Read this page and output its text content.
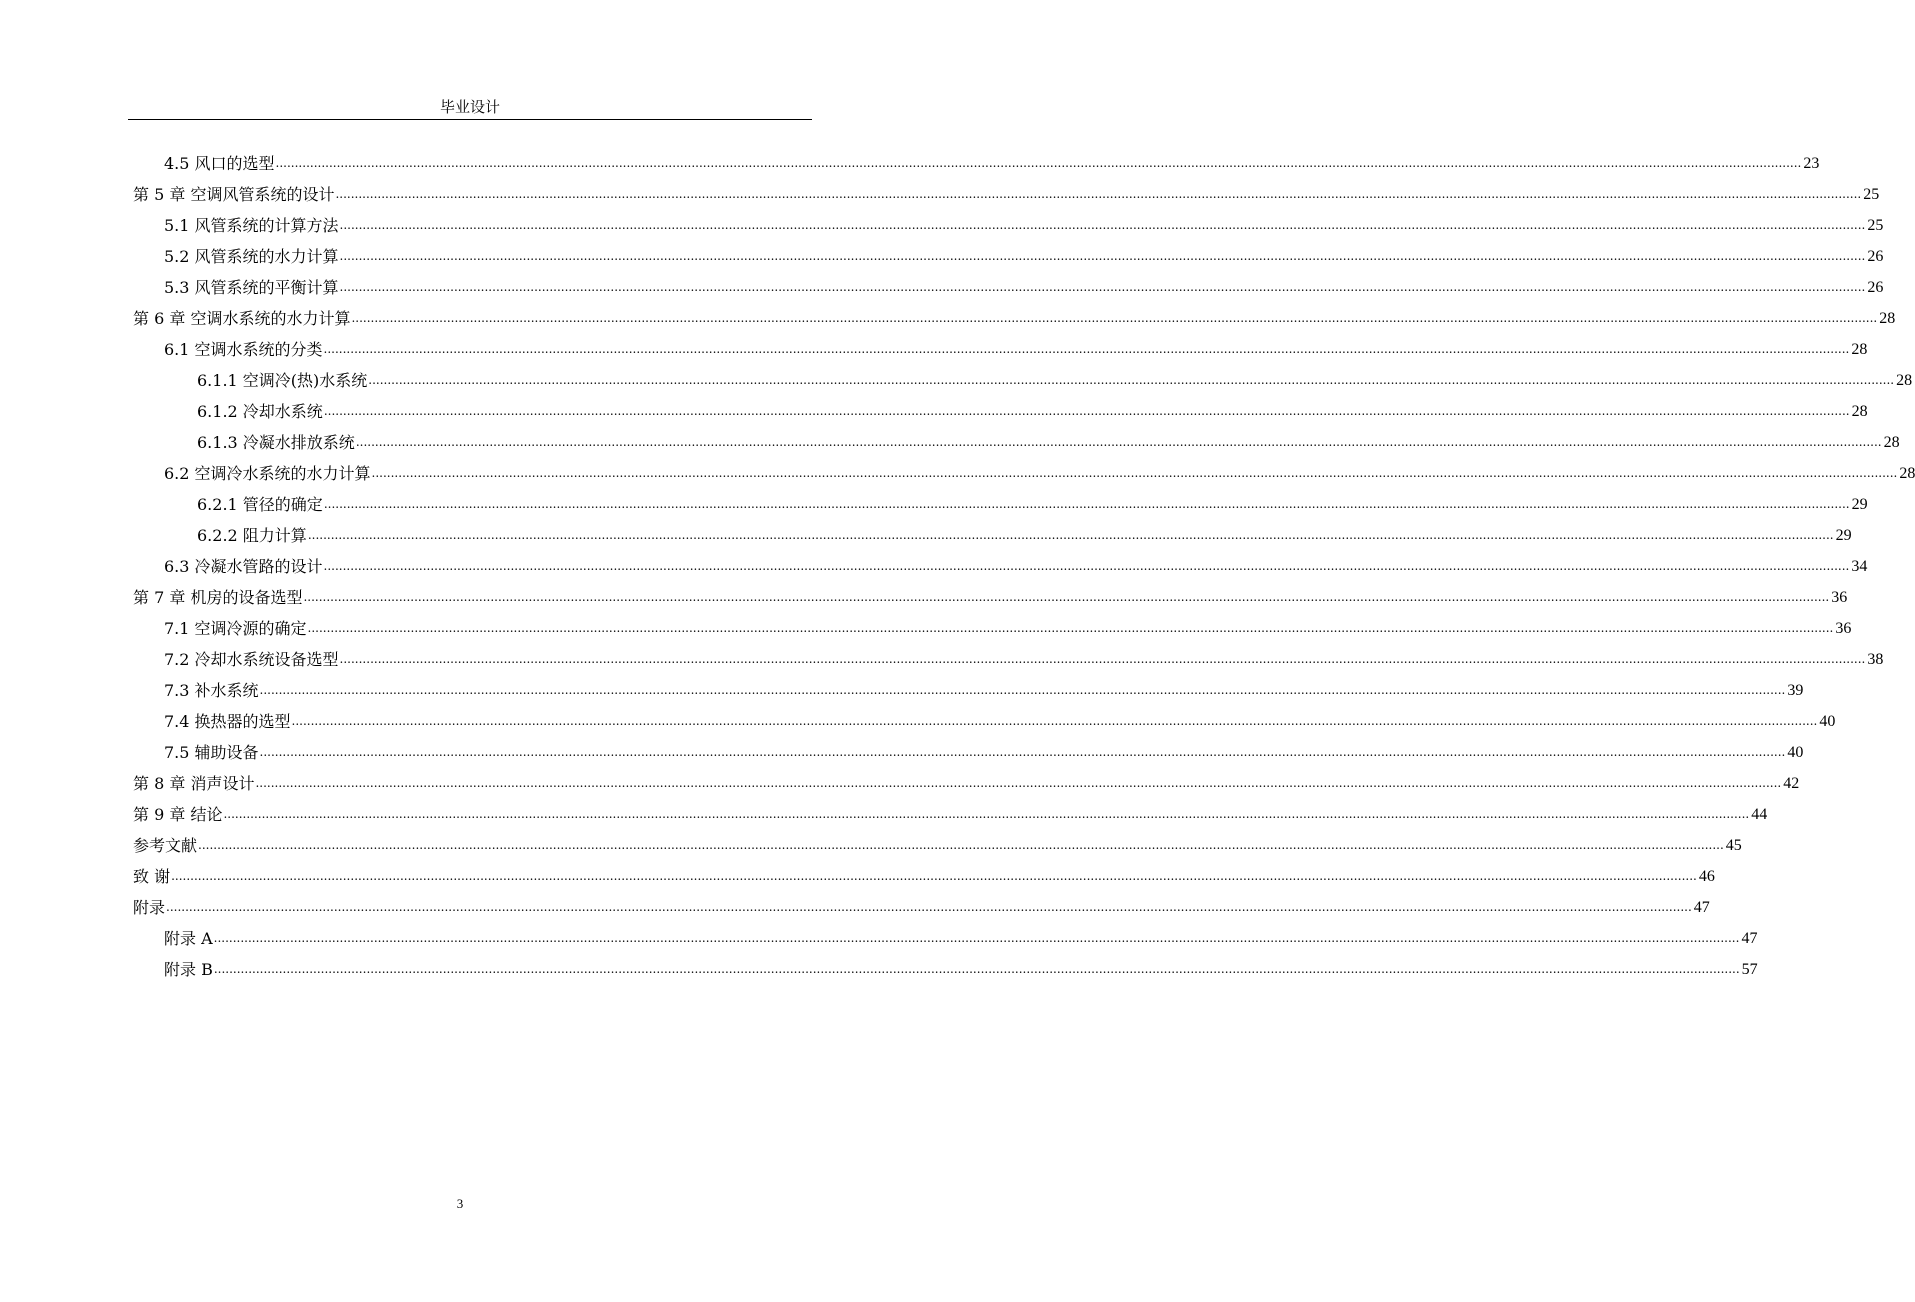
毕业设计
4.5 风口的选型 ................................................................................................................................................................................................................................................................................................................................................................................................................ 23
第 5 章 空调风管系统的设计 ................................................................................................................................................................................................................................................................................................................................................................................................................ 25
5.1 风管系统的计算方法 ................................................................................................................................................................................................................................................................................................................................................................................................................ 25
5.2 风管系统的水力计算 ................................................................................................................................................................................................................................................................................................................................................................................................................ 26
5.3 风管系统的平衡计算 ................................................................................................................................................................................................................................................................................................................................................................................................................ 26
第 6 章 空调水系统的水力计算 ................................................................................................................................................................................................................................................................................................................................................................................................................ 28
6.1 空调水系统的分类 ................................................................................................................................................................................................................................................................................................................................................................................................................ 28
6.1.1 空调冷(热)水系统 ................................................................................................................................................................................................................................................................................................................................................................................................................ 28
6.1.2 冷却水系统 ................................................................................................................................................................................................................................................................................................................................................................................................................ 28
6.1.3 冷凝水排放系统 ................................................................................................................................................................................................................................................................................................................................................................................................................ 28
6.2 空调冷水系统的水力计算 ................................................................................................................................................................................................................................................................................................................................................................................................................ 28
6.2.1 管径的确定 ................................................................................................................................................................................................................................................................................................................................................................................................................ 29
6.2.2 阻力计算 ................................................................................................................................................................................................................................................................................................................................................................................................................ 29
6.3 冷凝水管路的设计 ................................................................................................................................................................................................................................................................................................................................................................................................................ 34
第 7 章 机房的设备选型 ................................................................................................................................................................................................................................................................................................................................................................................................................ 36
7.1 空调冷源的确定 ................................................................................................................................................................................................................................................................................................................................................................................................................ 36
7.2 冷却水系统设备选型 ................................................................................................................................................................................................................................................................................................................................................................................................................ 38
7.3 补水系统 ................................................................................................................................................................................................................................................................................................................................................................................................................ 39
7.4 换热器的选型 ................................................................................................................................................................................................................................................................................................................................................................................................................ 40
7.5 辅助设备 ................................................................................................................................................................................................................................................................................................................................................................................................................ 40
第 8 章 消声设计 ................................................................................................................................................................................................................................................................................................................................................................................................................ 42
第 9 章 结论 ................................................................................................................................................................................................................................................................................................................................................................................................................ 44
参考文献 ................................................................................................................................................................................................................................................................................................................................................................................................................ 45
致 谢 ................................................................................................................................................................................................................................................................................................................................................................................................................ 46
附录 ................................................................................................................................................................................................................................................................................................................................................................................................................ 47
附录 A ................................................................................................................................................................................................................................................................................................................................................................................................................ 47
附录 B ................................................................................................................................................................................................................................................................................................................................................................................................................ 57
3
